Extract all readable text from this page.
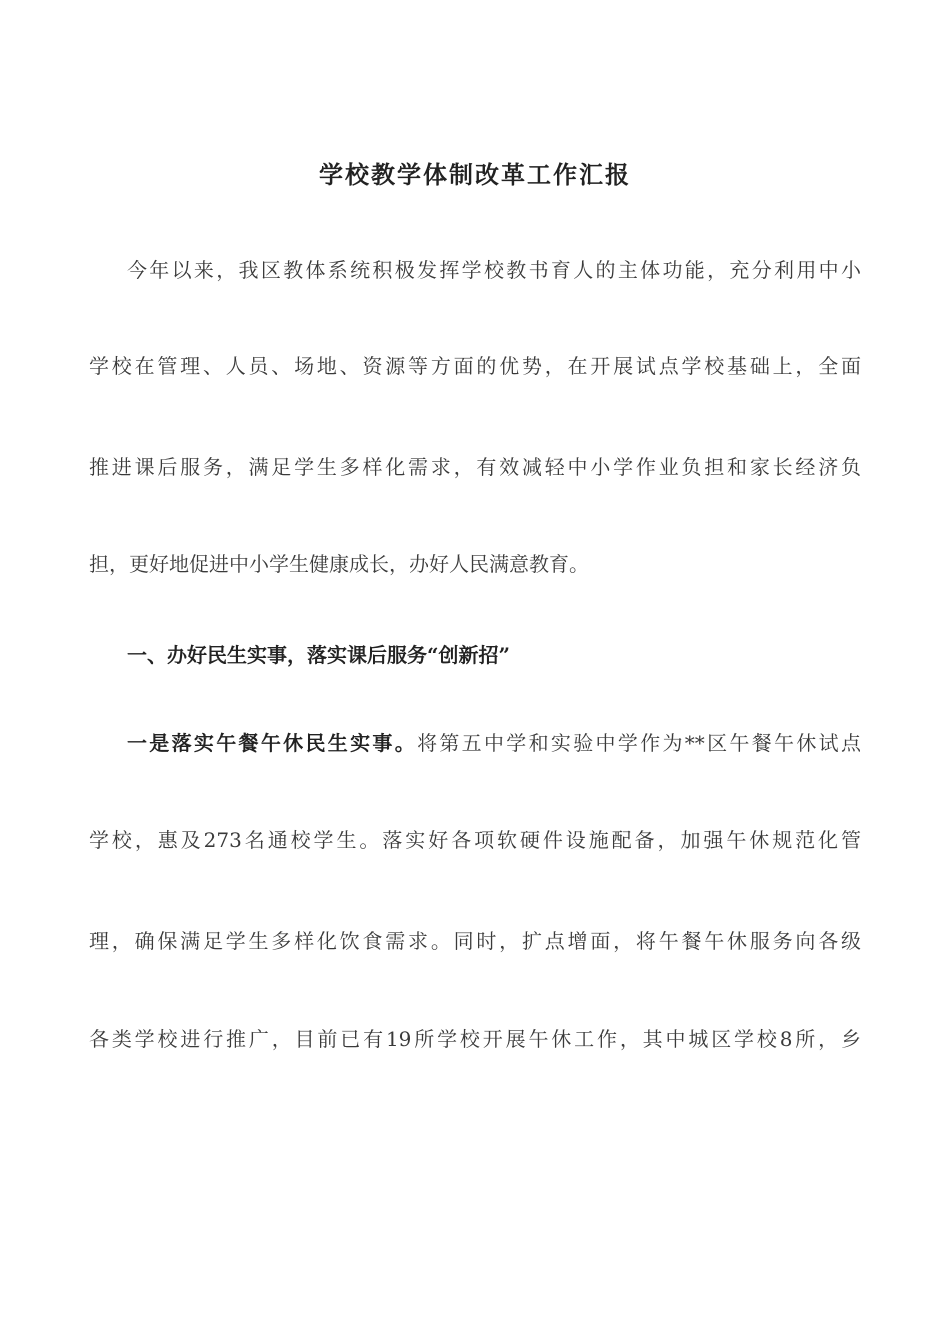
学校教学体制改革工作汇报
今年以来，我区教体系统积极发挥学校教书育人的主体功能，充分利用中小
学校在管理、人员、场地、资源等方面的优势，在开展试点学校基础上，全面
推进课后服务，满足学生多样化需求，有效减轻中小学作业负担和家长经济负
担，更好地促进中小学生健康成长，办好人民满意教育。
一、办好民生实事，落实课后服务“创新招”
一是落实午餐午休民生实事。将第五中学和实验中学作为**区午餐午休试点
学校，惠及273名通校学生。落实好各项软硬件设施配备，加强午休规范化管
理，确保满足学生多样化饮食需求。同时，扩点增面，将午餐午休服务向各级
各类学校进行推广，目前已有19所学校开展午休工作，其中城区学校8所，乡
